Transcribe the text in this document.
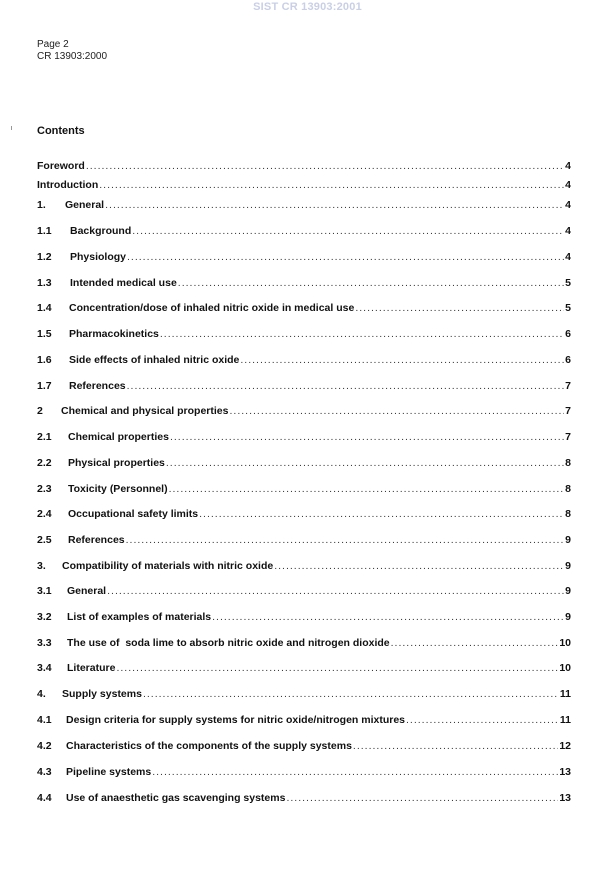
SIST CR 13903:2001
Page 2
CR 13903:2000
Contents
Foreword .....	4
Introduction .....	4
1.	General .....	4
1.1	Background .....	4
1.2	Physiology .....	4
1.3	Intended medical use .....	5
1.4	Concentration/dose of inhaled nitric oxide in medical use .....	5
1.5	Pharmacokinetics .....	6
1.6	Side effects of inhaled nitric oxide .....	6
1.7	References .....	7
2	Chemical and physical properties .....	7
2.1	Chemical properties .....	7
2.2	Physical properties .....	8
2.3	Toxicity (Personnel) .....	8
2.4	Occupational safety limits .....	8
2.5	References .....	9
3.	Compatibility of materials with nitric oxide .....	9
3.1	General .....	9
3.2	List of examples of materials .....	9
3.3	The use of  soda lime to absorb nitric oxide and nitrogen dioxide .....	10
3.4	Literature .....	10
4.	Supply systems .....	11
4.1	Design criteria for supply systems for nitric oxide/nitrogen mixtures .....	11
4.2	Characteristics of the components of the supply systems .....	12
4.3	Pipeline systems .....	13
4.4	Use of anaesthetic gas scavenging systems .....	13
